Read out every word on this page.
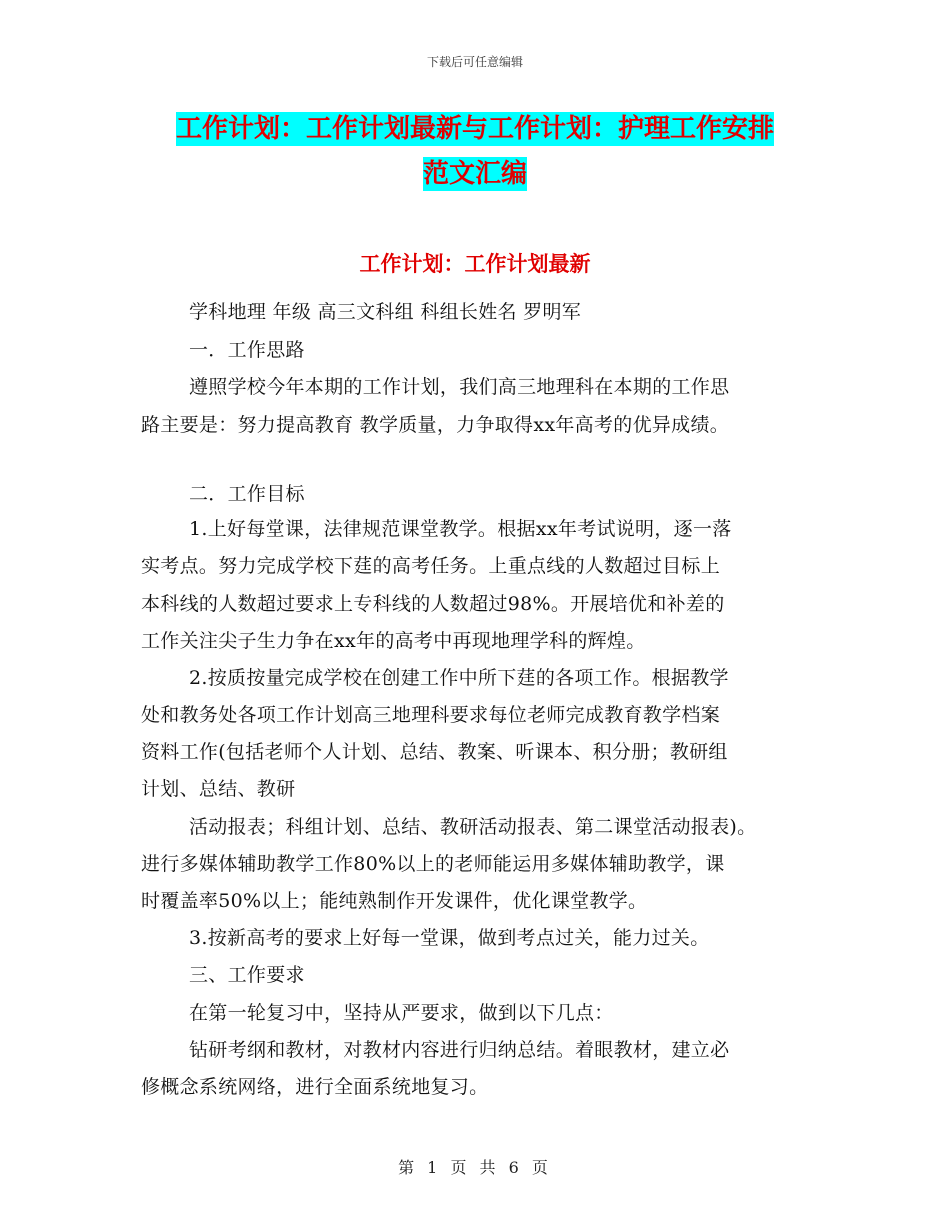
下载后可任意编辑
工作计划：工作计划最新与工作计划：护理工作安排
范文汇编
工作计划：工作计划最新
学科地理 年级 高三文科组 科组长姓名 罗明军
一．工作思路
遵照学校今年本期的工作计划，我们高三地理科在本期的工作思
路主要是：努力提高教育 教学质量，力争取得xx年高考的优异成绩。
二．工作目标
1.上好每堂课，法律规范课堂教学。根据xx年考试说明，逐一落
实考点。努力完成学校下莛的高考任务。上重点线的人数超过目标上
本科线的人数超过要求上专科线的人数超过98%。开展培优和补差的
工作关注尖子生力争在xx年的高考中再现地理学科的辉煌。
2.按质按量完成学校在创建工作中所下莛的各项工作。根据教学
处和教务处各项工作计划高三地理科要求每位老师完成教育教学档案
资料工作(包括老师个人计划、总结、教案、听课本、积分册；教研组
计划、总结、教研
活动报表；科组计划、总结、教研活动报表、第二课堂活动报表)。
进行多媒体辅助教学工作80%以上的老师能运用多媒体辅助教学，课
时覆盖率50%以上；能纯熟制作开发课件，优化课堂教学。
3.按新高考的要求上好每一堂课，做到考点过关，能力过关。
三、工作要求
在第一轮复习中，坚持从严要求，做到以下几点：
钻研考纲和教材，对教材内容进行归纳总结。着眼教材，建立必
修概念系统网络，进行全面系统地复习。
第 1 页 共 6 页
